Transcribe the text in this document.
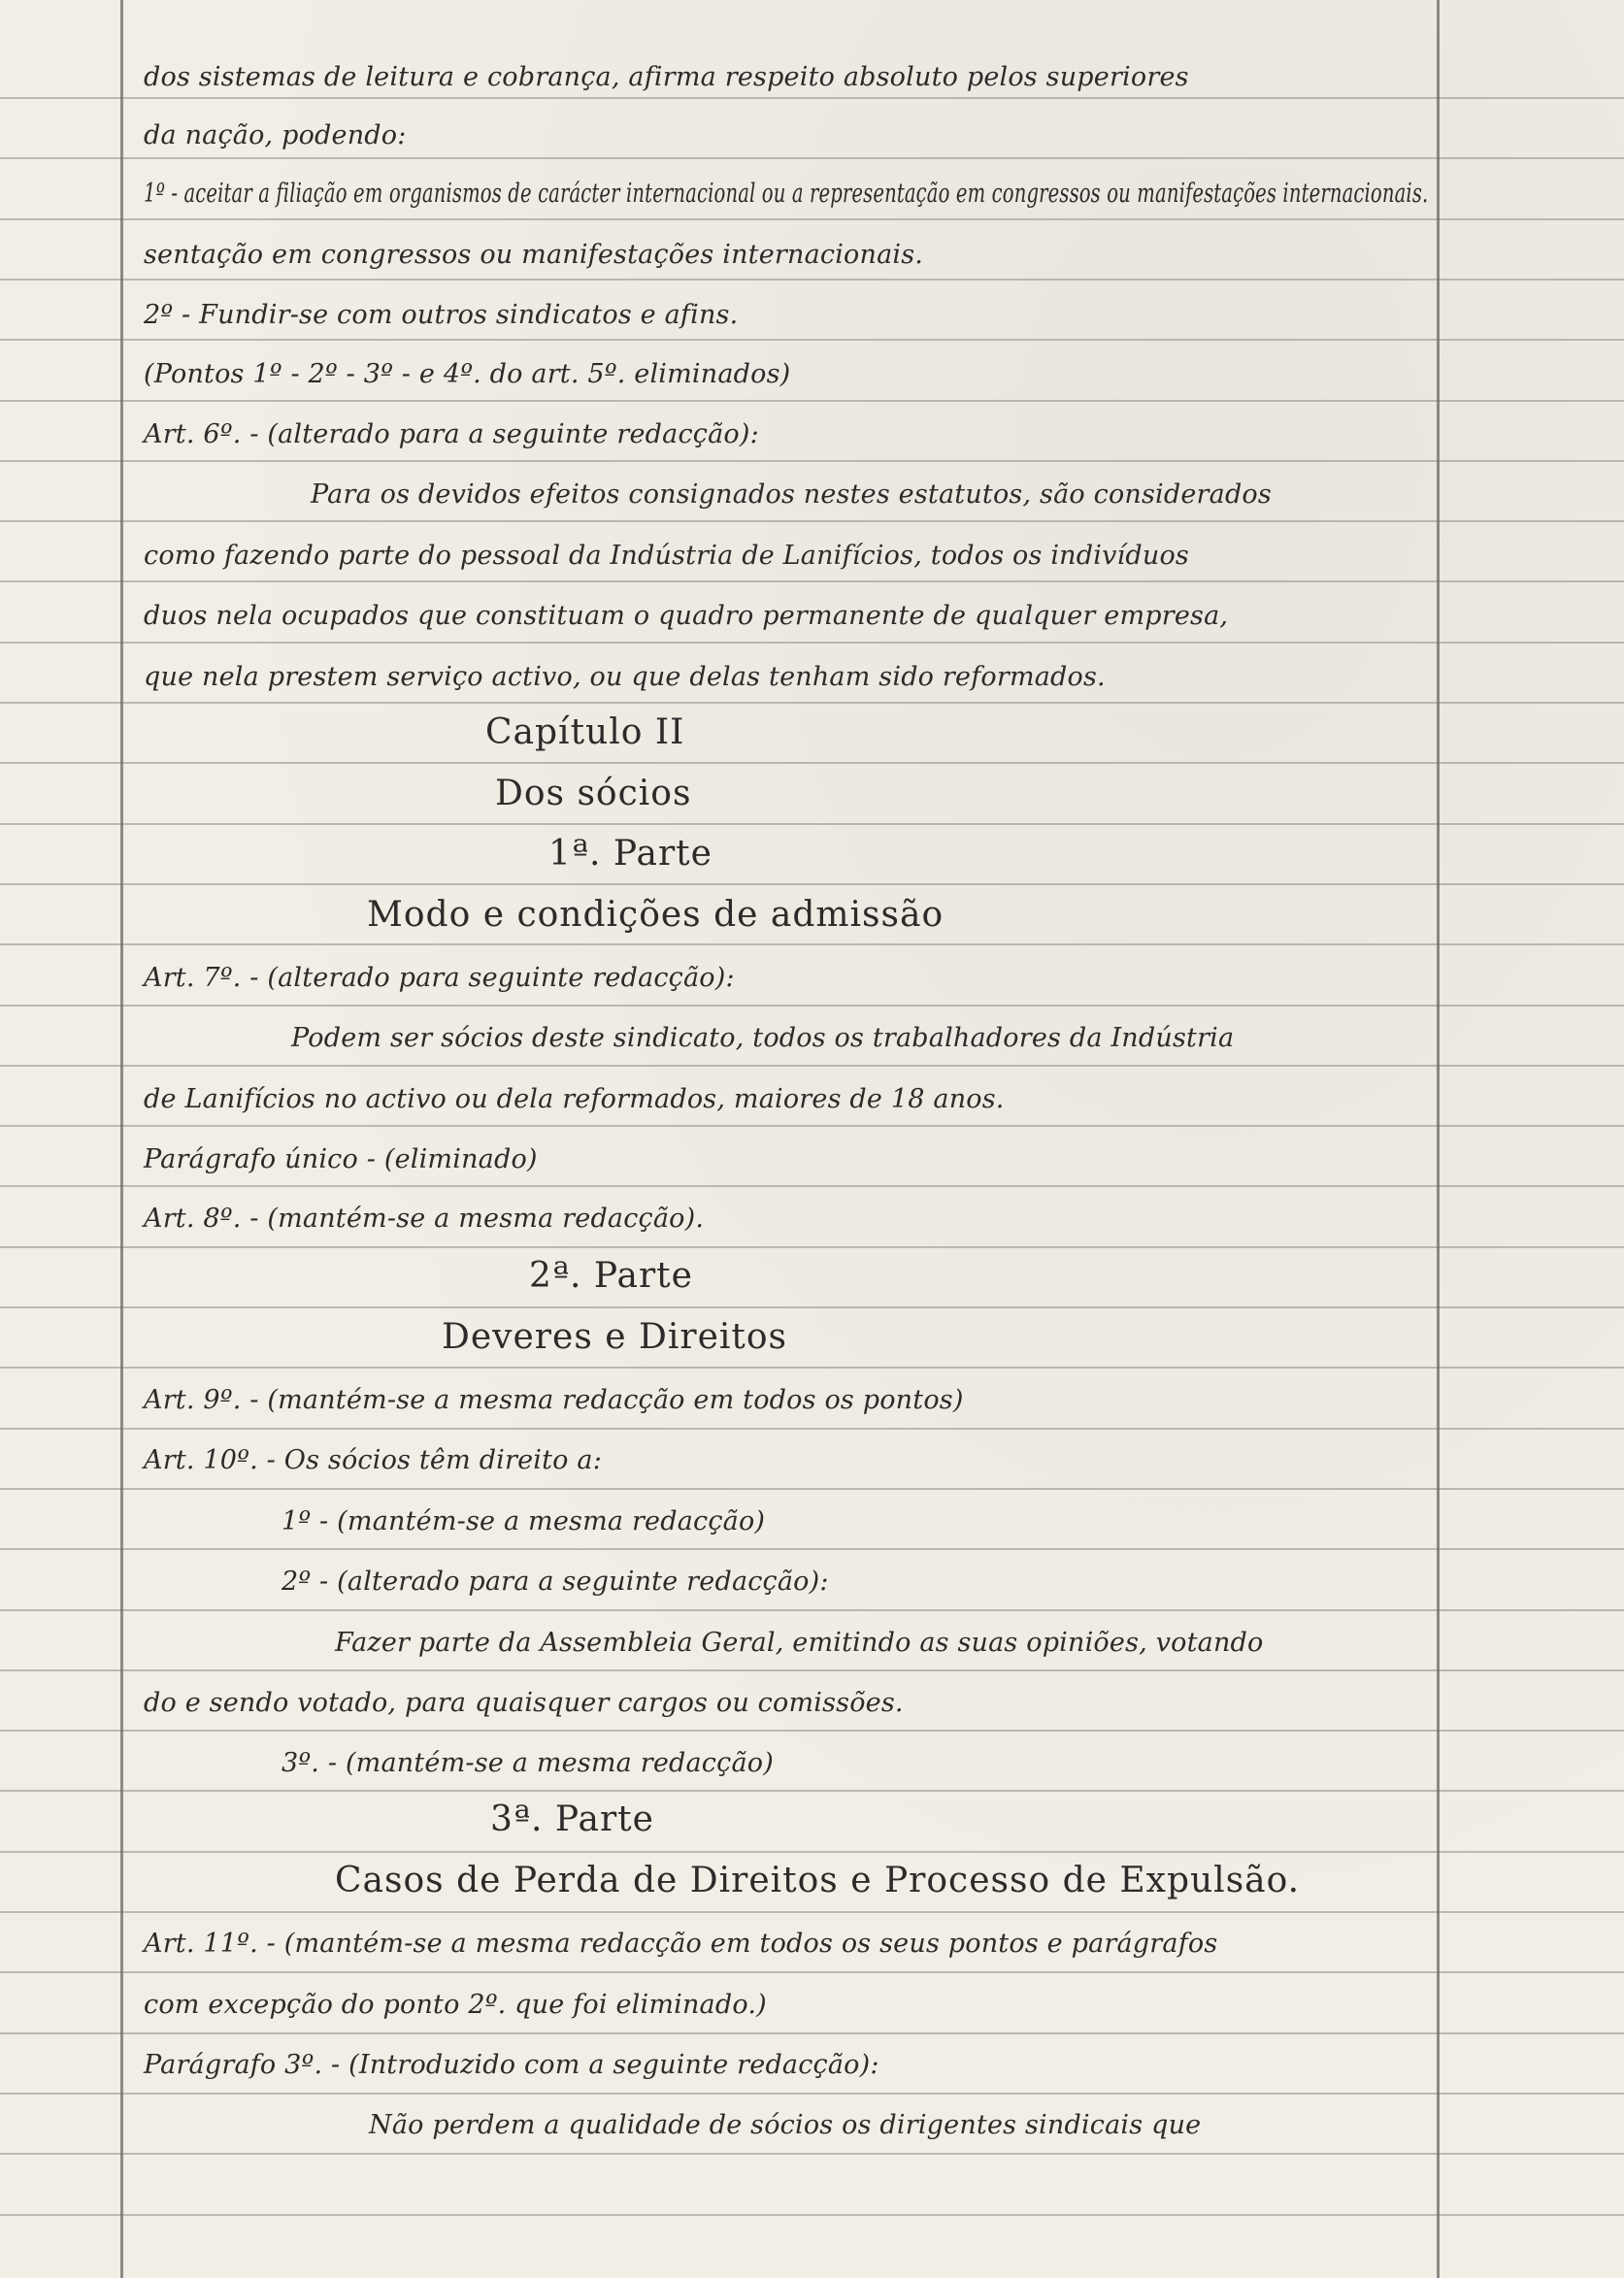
dos sistemas de leitura e cobrança, afirma respeito absoluto pelos superiores
da nação, podendo:
1º - aceitar a filiação em organismos de carácter internacional ou a representação em congressos ou manifestações internacionais.
sentação em congressos ou manifestações internacionais.
2º - Fundir-se com outros sindicatos e afins.
(Pontos 1º - 2º - 3º - e 4º. do art. 5º. eliminados)
Art. 6º. - (alterado para a seguinte redacção):
Para os devidos efeitos consignados nestes estatutos, são considerados
como fazendo parte do pessoal da Indústria de Lanifícios, todos os indivíduos
duos nela ocupados que constituam o quadro permanente de qualquer empresa,
que nela prestem serviço activo, ou que delas tenham sido reformados.
Capítulo II
Dos sócios
1ª. Parte
Modo e condições de admissão
Art. 7º. - (alterado para seguinte redacção):
Podem ser sócios deste sindicato, todos os trabalhadores da Indústria
de Lanifícios no activo ou dela reformados, maiores de 18 anos.
Parágrafo único - (eliminado)
Art. 8º. - (mantém-se a mesma redacção).
2ª. Parte
Deveres e Direitos
Art. 9º. - (mantém-se a mesma redacção em todos os pontos)
Art. 10º. - Os sócios têm direito a:
1º - (mantém-se a mesma redacção)
2º - (alterado para a seguinte redacção):
Fazer parte da Assembleia Geral, emitindo as suas opiniões, votando
do e sendo votado, para quaisquer cargos ou comissões.
3º. - (mantém-se a mesma redacção)
3ª. Parte
Casos de Perda de Direitos e Processo de Expulsão.
Art. 11º. - (mantém-se a mesma redacção em todos os seus pontos e parágrafos
com excepção do ponto 2º. que foi eliminado.)
Parágrafo 3º. - (Introduzido com a seguinte redacção):
Não perdem a qualidade de sócios os dirigentes sindicais que
